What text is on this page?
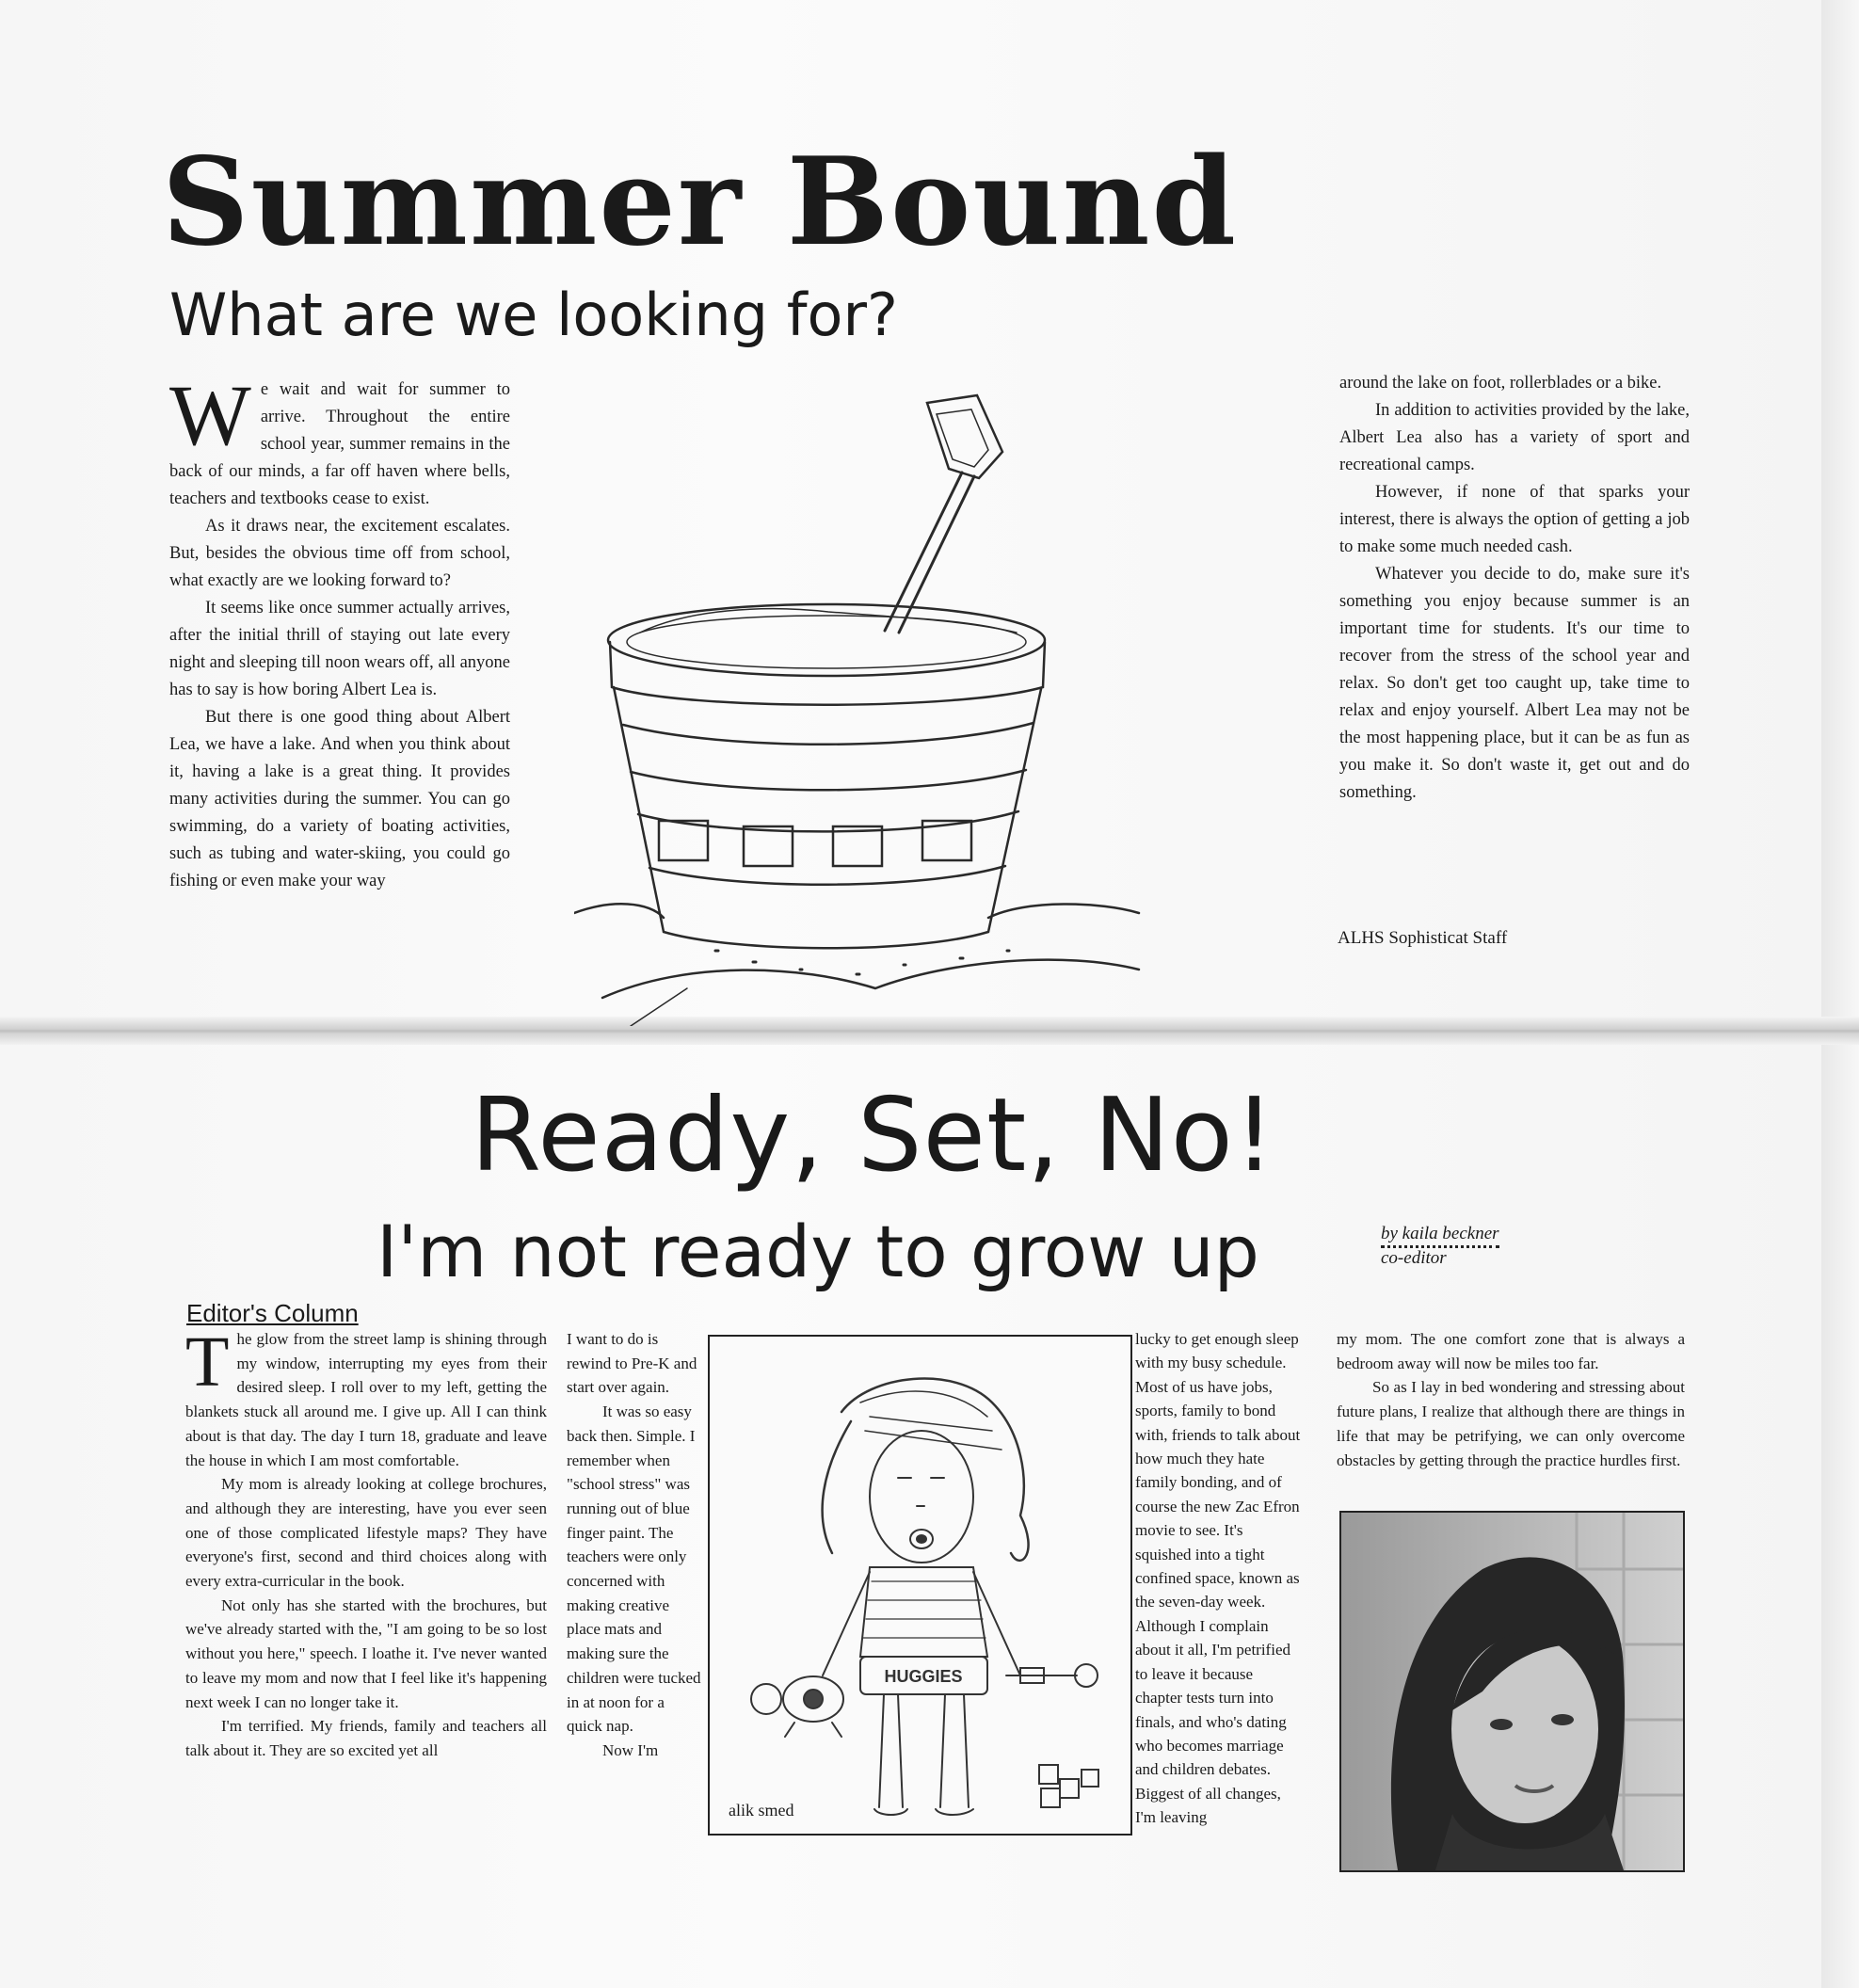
Summer Bound
What are we looking for?

We wait and wait for summer to arrive. Throughout the entire school year, summer remains in the back of our minds, a far off haven where bells, teachers and textbooks cease to exist.

As it draws near, the excitement escalates. But, besides the obvious time off from school, what exactly are we looking forward to?

It seems like once summer actually arrives, after the initial thrill of staying out late every night and sleeping till noon wears off, all anyone has to say is how boring Albert Lea is.

But there is one good thing about Albert Lea, we have a lake. And when you think about it, having a lake is a great thing. It provides many activities during the summer. You can go swimming, do a variety of boating activities, such as tubing and water-skiing, you could go fishing or even make your way

around the lake on foot, rollerblades or a bike.

In addition to activities provided by the lake, Albert Lea also has a variety of sport and recreational camps.

However, if none of that sparks your interest, there is always the option of getting a job to make some much needed cash.

Whatever you decide to do, make sure it's something you enjoy because summer is an important time for students. It's our time to recover from the stress of the school year and relax. So don't get too caught up, take time to relax and enjoy yourself. Albert Lea may not be the most happening place, but it can be as fun as you make it. So don't waste it, get out and do something.

ALHS Sophisticat Staff
Ready, Set, No!
I'm not ready to grow up	by kaila beckner
co-editor
Editor's Column

The glow from the street lamp is shining through my window, interrupting my eyes from their desired sleep. I roll over to my left, getting the blankets stuck all around me. I give up. All I can think about is that day. The day I turn 18, graduate and leave the house in which I am most comfortable.

My mom is already looking at college brochures, and although they are interesting, have you ever seen one of those complicated lifestyle maps? They have everyone's first, second and third choices along with every extra-curricular in the book.

Not only has she started with the brochures, but we've already started with the, "I am going to be so lost without you here," speech. I loathe it. I've never wanted to leave my mom and now that I feel like it's happening next week I can no longer take it.

I'm terrified. My friends, family and teachers all talk about it. They are so excited yet all

I want to do is rewind to Pre-K and start over again.

It was so easy back then. Simple. I remember when "school stress" was running out of blue finger paint. The teachers were only concerned with making creative place mats and making sure the children were tucked in at noon for a quick nap.

Now I'm

HUGGIES
alik smed

lucky to get enough sleep with my busy schedule. Most of us have jobs, sports, family to bond with, friends to talk about how much they hate family bonding, and of course the new Zac Efron movie to see. It's squished into a tight confined space, known as the seven-day week. Although I complain about it all, I'm petrified to leave it because chapter tests turn into finals, and who's dating who becomes marriage and children debates. Biggest of all changes, I'm leaving

my mom. The one comfort zone that is always a bedroom away will now be miles too far.

So as I lay in bed wondering and stressing about future plans, I realize that although there are things in life that may be petrifying, we can only overcome obstacles by getting through the practice hurdles first.
